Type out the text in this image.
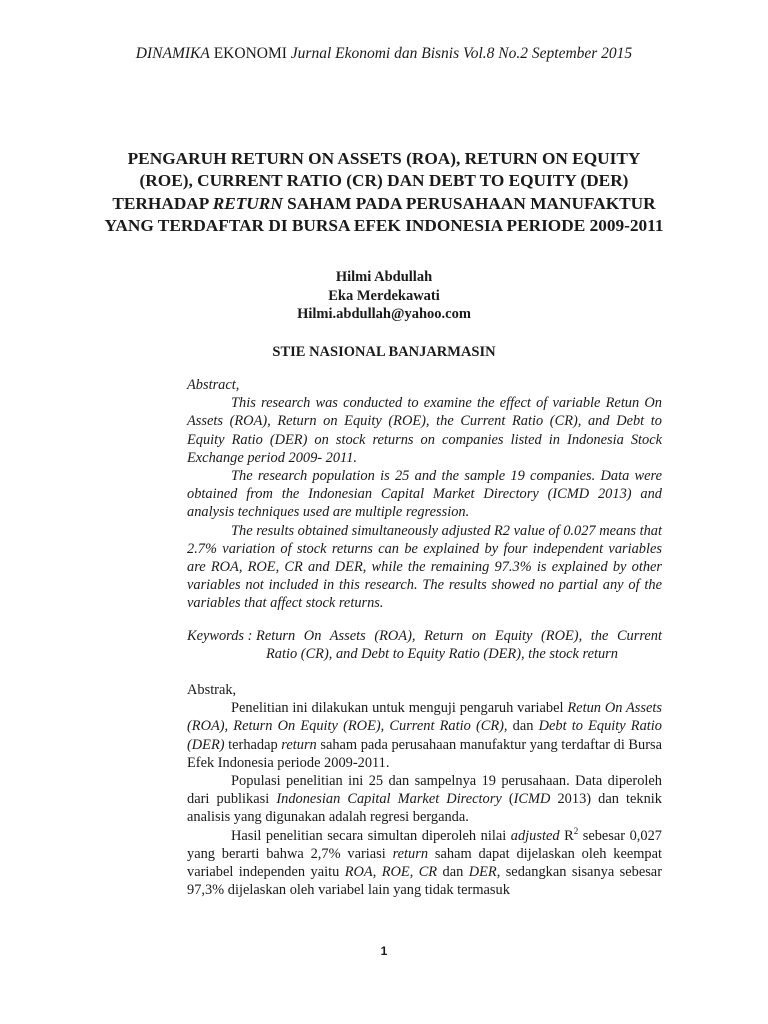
DINAMIKA EKONOMI Jurnal Ekonomi dan Bisnis Vol.8 No.2 September 2015
PENGARUH RETURN ON ASSETS (ROA), RETURN ON EQUITY (ROE), CURRENT RATIO (CR) DAN DEBT TO EQUITY (DER) TERHADAP RETURN SAHAM PADA PERUSAHAAN MANUFAKTUR YANG TERDAFTAR DI BURSA EFEK INDONESIA PERIODE 2009-2011
Hilmi Abdullah
Eka Merdekawati
Hilmi.abdullah@yahoo.com
STIE NASIONAL BANJARMASIN

Abstract,

This research was conducted to examine the effect of variable Retun On Assets (ROA), Return on Equity (ROE), the Current Ratio (CR), and Debt to Equity Ratio (DER) on stock returns on companies listed in Indonesia Stock Exchange period 2009- 2011.

The research population is 25 and the sample 19 companies. Data were obtained from the Indonesian Capital Market Directory (ICMD 2013) and analysis techniques used are multiple regression.

The results obtained simultaneously adjusted R2 value of 0.027 means that 2.7% variation of stock returns can be explained by four independent variables are ROA, ROE, CR and DER, while the remaining 97.3% is explained by other variables not included in this research. The results showed no partial any of the variables that affect stock returns.

Keywords : Return On Assets (ROA), Return on Equity (ROE), the Current
Ratio (CR), and Debt to Equity Ratio (DER), the stock return

Abstrak,

Penelitian ini dilakukan untuk menguji pengaruh variabel Retun On Assets (ROA), Return On Equity (ROE), Current Ratio (CR), dan Debt to Equity Ratio (DER) terhadap return saham pada perusahaan manufaktur yang terdaftar di Bursa Efek Indonesia periode 2009-2011.

Populasi penelitian ini 25 dan sampelnya 19 perusahaan. Data diperoleh dari publikasi Indonesian Capital Market Directory (ICMD 2013) dan teknik analisis yang digunakan adalah regresi berganda.

Hasil penelitian secara simultan diperoleh nilai adjusted $R^2$ sebesar 0,027 yang berarti bahwa 2,7% variasi return saham dapat dijelaskan oleh keempat variabel independen yaitu ROA, ROE, CR dan DER, sedangkan sisanya sebesar 97,3% dijelaskan oleh variabel lain yang tidak termasuk

1
